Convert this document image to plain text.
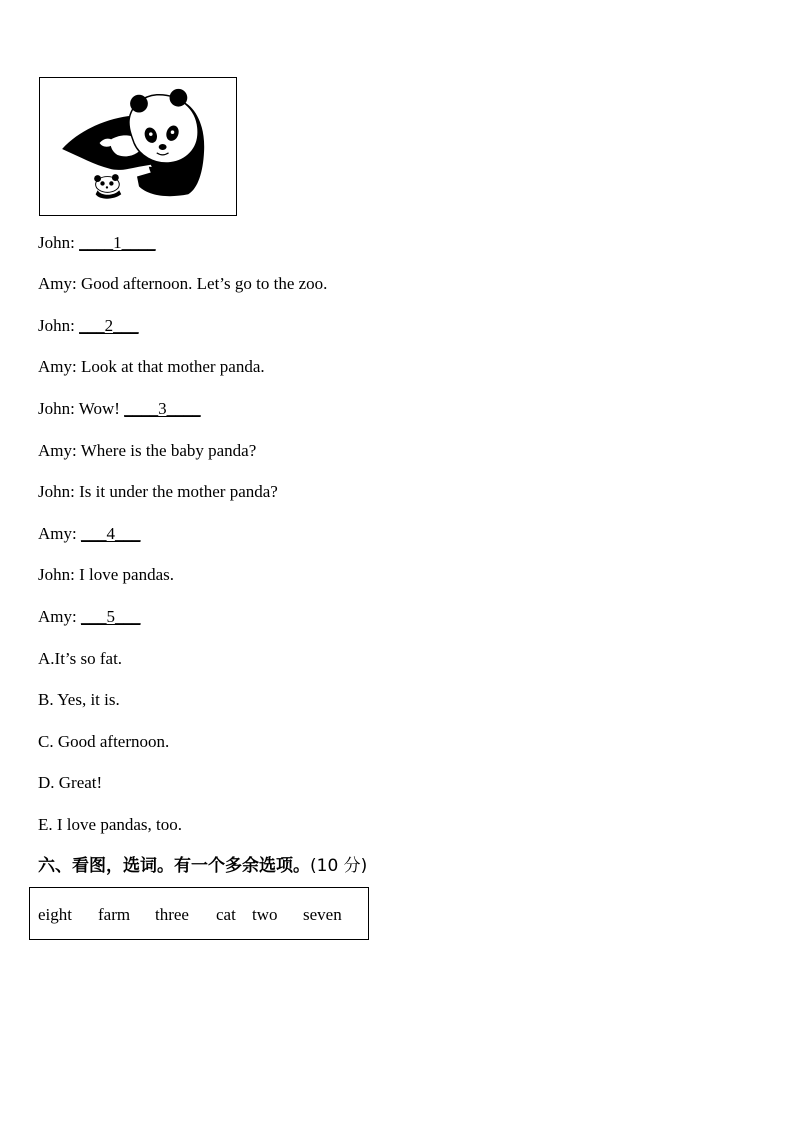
John: ____1____
Amy: Good afternoon. Let’s go to the zoo.
John: ___2___
Amy: Look at that mother panda.
John: Wow! ____3____
Amy: Where is the baby panda?
John: Is it under the mother panda?
Amy: ___4___
John: I love pandas.
Amy: ___5___
A.It’s so fat.
B. Yes, it is.
C. Good afternoon.
D. Great!
E. I love pandas, too.
六、看图，选词。有一个多余选项。(10 分)
eight farm three cat two seven
